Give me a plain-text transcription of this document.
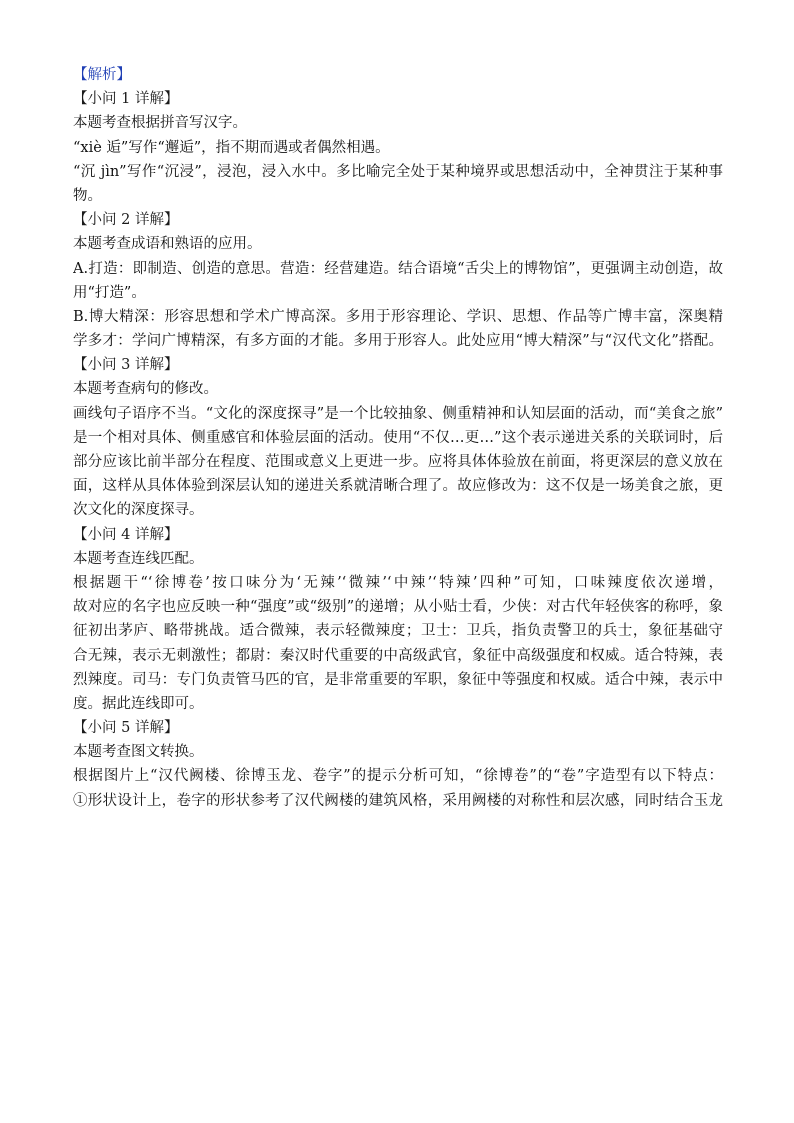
【解析】
【小问 1 详解】
本题考查根据拼音写汉字。
“xiè 逅”写作“邂逅”，指不期而遇或者偶然相遇。
“沉 jìn”写作“沉浸”，浸泡，浸入水中。多比喻完全处于某种境界或思想活动中，全神贯注于某种事
物。
【小问 2 详解】
本题考查成语和熟语的应用。
A.打造：即制造、创造的意思。营造：经营建造。结合语境“舌尖上的博物馆”，更强调主动创造，故
用“打造”。
B.博大精深：形容思想和学术广博高深。多用于形容理论、学识、思想、作品等广博丰富，深奥精
学多才：学问广博精深，有多方面的才能。多用于形容人。此处应用“博大精深”与“汉代文化”搭配。
【小问 3 详解】
本题考查病句的修改。
画线句子语序不当。“文化的深度探寻”是一个比较抽象、侧重精神和认知层面的活动，而“美食之旅”
是一个相对具体、侧重感官和体验层面的活动。使用“不仅…更…”这个表示递进关系的关联词时，后
部分应该比前半部分在程度、范围或意义上更进一步。应将具体体验放在前面，将更深层的意义放在
面，这样从具体体验到深层认知的递进关系就清晰合理了。故应修改为：这不仅是一场美食之旅，更
次文化的深度探寻。
【小问 4 详解】
本题考查连线匹配。
根据题干“‘徐博卷’按口味分为‘无辣’‘微辣’‘中辣’‘特辣’四种”可知，口味辣度依次递增，
故对应的名字也应反映一种“强度”或“级别”的递增；从小贴士看，少侠：对古代年轻侠客的称呼，象
征初出茅庐、略带挑战。适合微辣，表示轻微辣度；卫士：卫兵，指负责警卫的兵士，象征基础守
合无辣，表示无刺激性；都尉：秦汉时代重要的中高级武官，象征中高级强度和权威。适合特辣，表
烈辣度。司马：专门负责管马匹的官，是非常重要的军职，象征中等强度和权威。适合中辣，表示中
度。据此连线即可。
【小问 5 详解】
本题考查图文转换。
根据图片上“汉代阙楼、徐博玉龙、卷字”的提示分析可知，“徐博卷”的“卷”字造型有以下特点：
①形状设计上，卷字的形状参考了汉代阙楼的建筑风格，采用阙楼的对称性和层次感，同时结合玉龙
